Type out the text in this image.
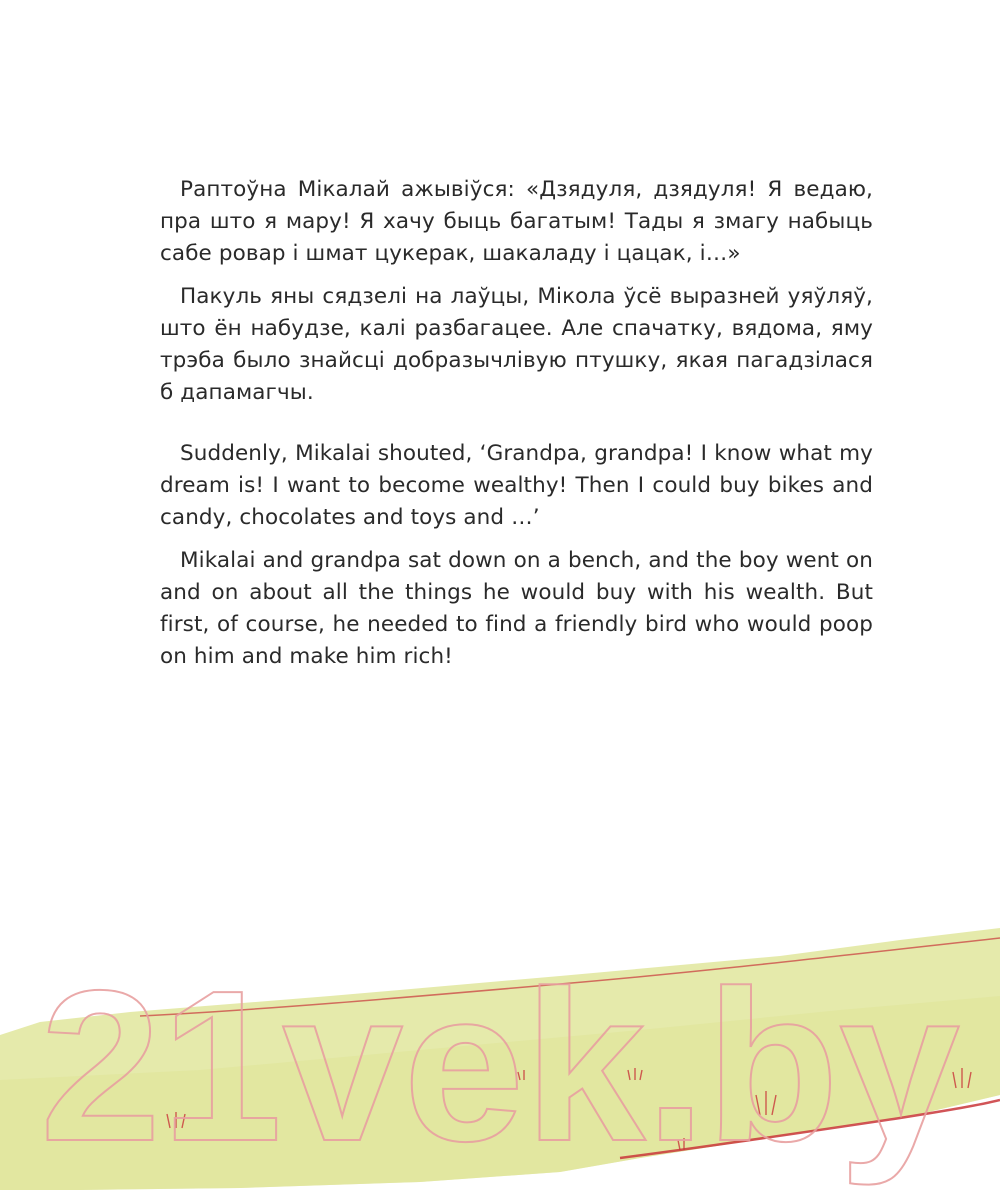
Раптоўна Мікалай ажывіўся: «Дзядуля, дзядуля! Я ведаю, пра што я мару! Я хачу быць багатым! Тады я змагу набыць сабе ровар і шмат цукерак, шакаладу і цацак, і…»

Пакуль яны сядзелі на лаўцы, Мікола ўсё выразней уяўляў, што ён набудзе, калі разбагацее. Але спачатку, вядома, яму трэба было знайсці добразычлівую птушку, якая пагадзілася б дапамагчы.

Suddenly, Mikalai shouted, ‘Grandpa, grandpa! I know what my dream is! I want to become wealthy! Then I could buy bikes and candy, chocolates and toys and …’

Mikalai and grandpa sat down on a bench, and the boy went on and on about all the things he would buy with his wealth. But first, of course, he needed to find a friendly bird who would poop on him and make him rich!

21vek.by
